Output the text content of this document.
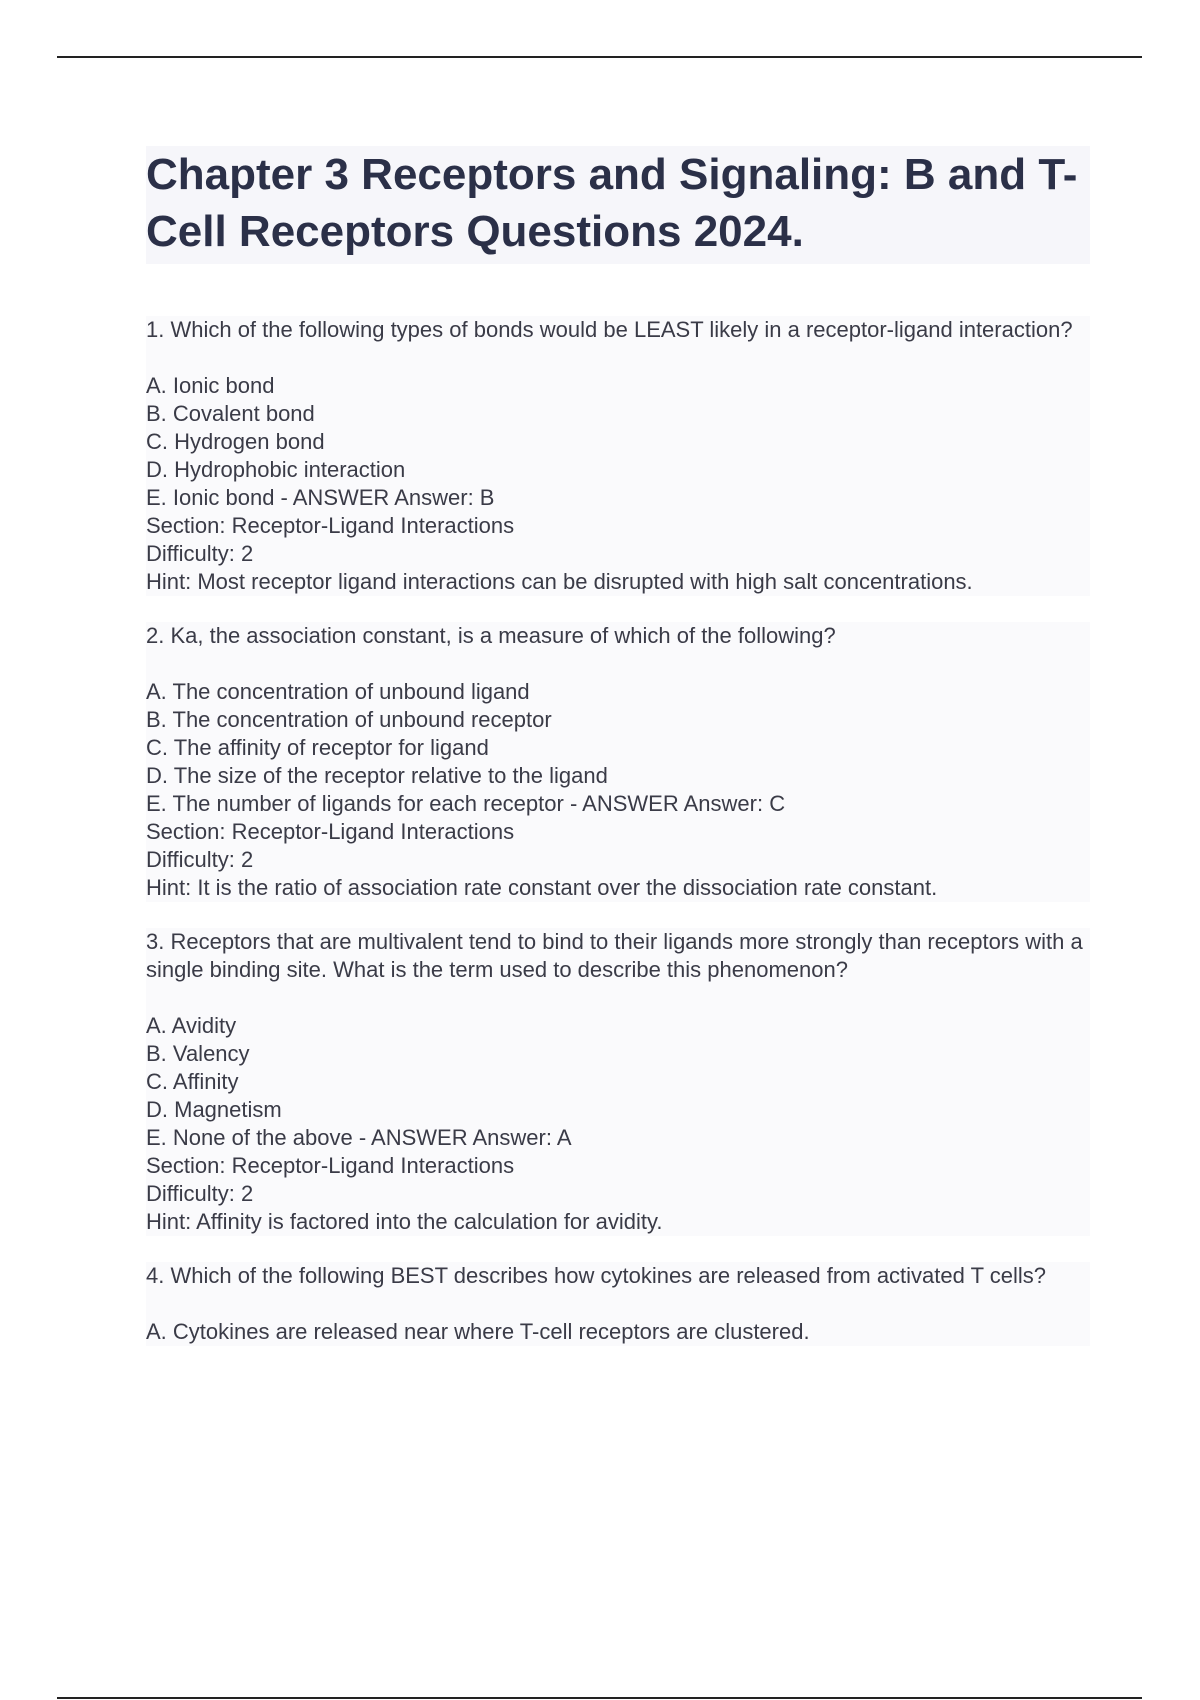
Chapter 3 Receptors and Signaling: B and T-Cell Receptors Questions 2024.
1. Which of the following types of bonds would be LEAST likely in a receptor-ligand interaction?
A. Ionic bond
B. Covalent bond
C. Hydrogen bond
D. Hydrophobic interaction
E. Ionic bond - ANSWER Answer: B
Section: Receptor-Ligand Interactions
Difficulty: 2
Hint: Most receptor ligand interactions can be disrupted with high salt concentrations.
2. Ka, the association constant, is a measure of which of the following?
A. The concentration of unbound ligand
B. The concentration of unbound receptor
C. The affinity of receptor for ligand
D. The size of the receptor relative to the ligand
E. The number of ligands for each receptor - ANSWER Answer: C
Section: Receptor-Ligand Interactions
Difficulty: 2
Hint: It is the ratio of association rate constant over the dissociation rate constant.
3. Receptors that are multivalent tend to bind to their ligands more strongly than receptors with a single binding site. What is the term used to describe this phenomenon?
A. Avidity
B. Valency
C. Affinity
D. Magnetism
E. None of the above - ANSWER Answer: A
Section: Receptor-Ligand Interactions
Difficulty: 2
Hint: Affinity is factored into the calculation for avidity.
4. Which of the following BEST describes how cytokines are released from activated T cells?
A. Cytokines are released near where T-cell receptors are clustered.
